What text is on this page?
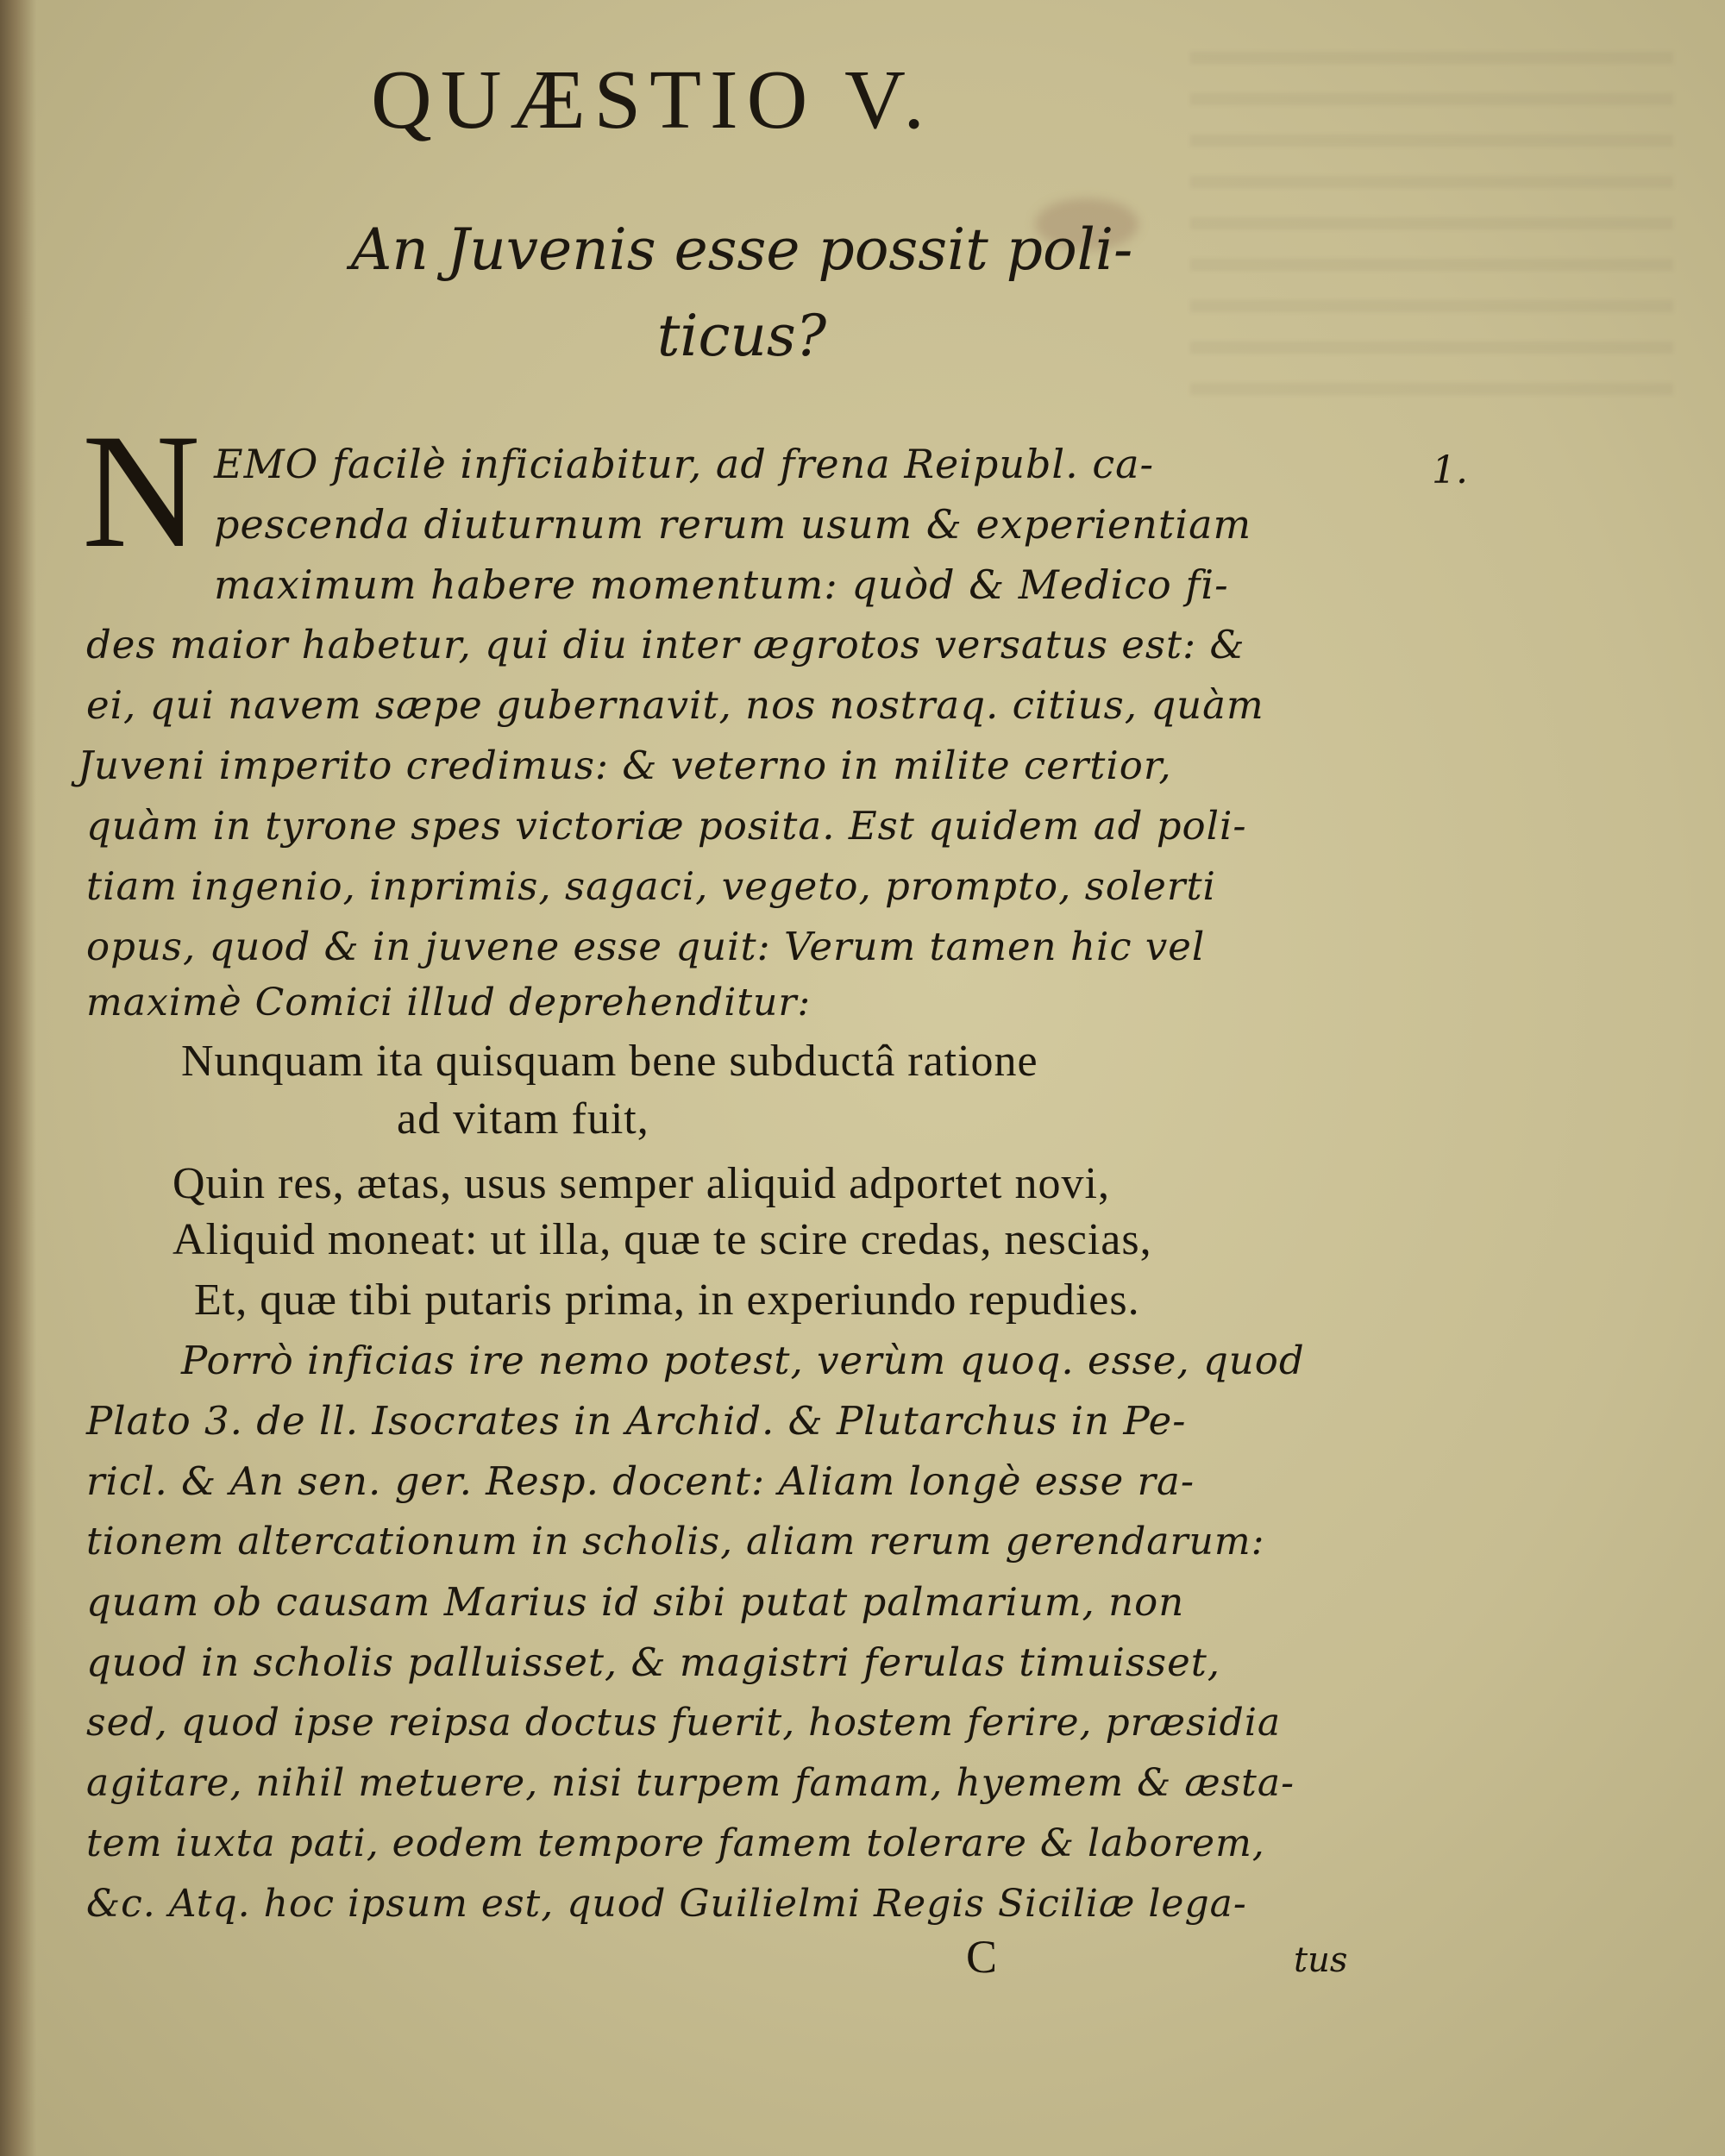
QUÆSTIO V.
An Juvenis esse possit poli-
ticus?
N	1.
EMO facilè inficiabitur, ad frena Reipubl. ca-
pescenda diuturnum rerum usum & experientiam
maximum habere momentum: quòd & Medico fi-
des maior habetur, qui diu inter ægrotos versatus est: &
ei, qui navem sæpe gubernavit, nos nostraq. citius, quàm
Juveni imperito credimus: & veterno in milite certior,
quàm in tyrone spes victoriæ posita. Est quidem ad poli-
tiam ingenio, inprimis, sagaci, vegeto, prompto, solerti
opus, quod & in juvene esse quit: Verum tamen hic vel
maximè Comici illud deprehenditur:
Nunquam ita quisquam bene subductâ ratione
ad vitam fuit,
Quin res, ætas, usus semper aliquid adportet novi,
Aliquid moneat: ut illa, quæ te scire credas, nescias,
Et, quæ tibi putaris prima, in experiundo repudies.
Porrò inficias ire nemo potest, verùm quoq. esse, quod
Plato 3. de ll. Isocrates in Archid. & Plutarchus in Pe-
ricl. & An sen. ger. Resp. docent: Aliam longè esse ra-
tionem altercationum in scholis, aliam rerum gerendarum:
quam ob causam Marius id sibi putat palmarium, non
quod in scholis palluisset, & magistri ferulas timuisset,
sed, quod ipse reipsa doctus fuerit, hostem ferire, præsidia
agitare, nihil metuere, nisi turpem famam, hyemem & æsta-
tem iuxta pati, eodem tempore famem tolerare & laborem,
&c. Atq. hoc ipsum est, quod Guilielmi Regis Siciliæ lega-
C	tus
